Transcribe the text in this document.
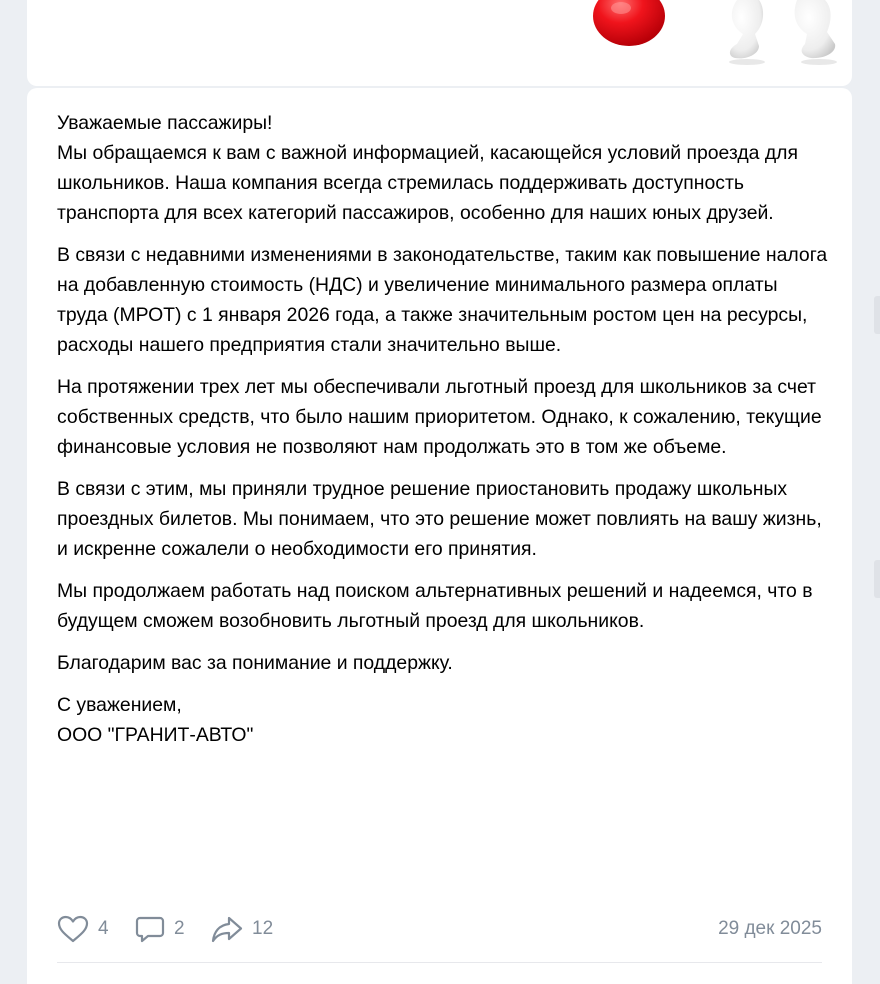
Уважаемые пассажиры!
Мы обращаемся к вам с важной информацией, касающейся условий проезда для школьников. Наша компания всегда стремилась поддерживать доступность транспорта для всех категорий пассажиров, особенно для наших юных друзей.

В связи с недавними изменениями в законодательстве, таким как повышение налога на добавленную стоимость (НДС) и увеличение минимального размера оплаты труда (МРОТ) с 1 января 2026 года, а также значительным ростом цен на ресурсы, расходы нашего предприятия стали значительно выше.

На протяжении трех лет мы обеспечивали льготный проезд для школьников за счет собственных средств, что было нашим приоритетом. Однако, к сожалению, текущие финансовые условия не позволяют нам продолжать это в том же объеме.

В связи с этим, мы приняли трудное решение приостановить продажу школьных проездных билетов. Мы понимаем, что это решение может повлиять на вашу жизнь, и искренне сожалели о необходимости его принятия.

Мы продолжаем работать над поиском альтернативных решений и надеемся, что в будущем сможем возобновить льготный проезд для школьников.

Благодарим вас за понимание и поддержку.

С уважением,
ООО "ГРАНИТ-АВТО"

4	2	12	29 дек 2025
